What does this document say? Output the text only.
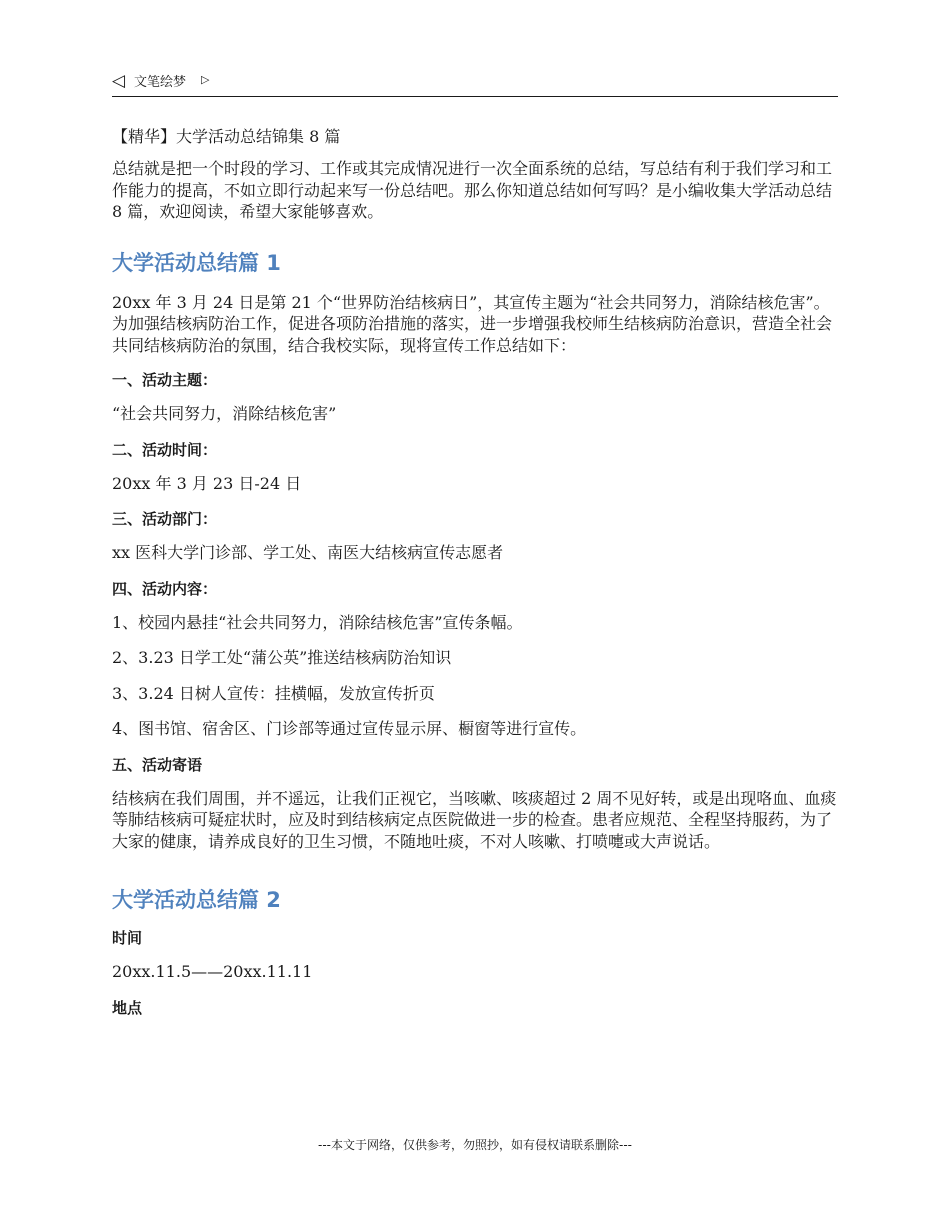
◁ 文笔绘梦 ▷
【精华】大学活动总结锦集 8 篇

总结就是把一个时段的学习、工作或其完成情况进行一次全面系统的总结，写总结有利于我们学习和工作能力的提高，不如立即行动起来写一份总结吧。那么你知道总结如何写吗？是小编收集大学活动总结 8 篇，欢迎阅读，希望大家能够喜欢。

大学活动总结篇 1

20xx 年 3 月 24 日是第 21 个“世界防治结核病日”，其宣传主题为“社会共同努力，消除结核危害”。为加强结核病防治工作，促进各项防治措施的落实，进一步增强我校师生结核病防治意识，营造全社会共同结核病防治的氛围，结合我校实际，现将宣传工作总结如下：

一、活动主题：

“社会共同努力，消除结核危害”

二、活动时间：

20xx 年 3 月 23 日-24 日

三、活动部门：

xx 医科大学门诊部、学工处、南医大结核病宣传志愿者

四、活动内容：

1、校园内悬挂“社会共同努力，消除结核危害”宣传条幅。

2、3.23 日学工处“蒲公英”推送结核病防治知识

3、3.24 日树人宣传：挂横幅，发放宣传折页

4、图书馆、宿舍区、门诊部等通过宣传显示屏、橱窗等进行宣传。

五、活动寄语

结核病在我们周围，并不遥远，让我们正视它，当咳嗽、咳痰超过 2 周不见好转，或是出现咯血、血痰等肺结核病可疑症状时，应及时到结核病定点医院做进一步的检查。患者应规范、全程坚持服药，为了大家的健康，请养成良好的卫生习惯，不随地吐痰，不对人咳嗽、打喷嚏或大声说话。

大学活动总结篇 2
时间

20xx.11.5——20xx.11.11

地点
---本文于网络，仅供参考，勿照抄，如有侵权请联系删除---
